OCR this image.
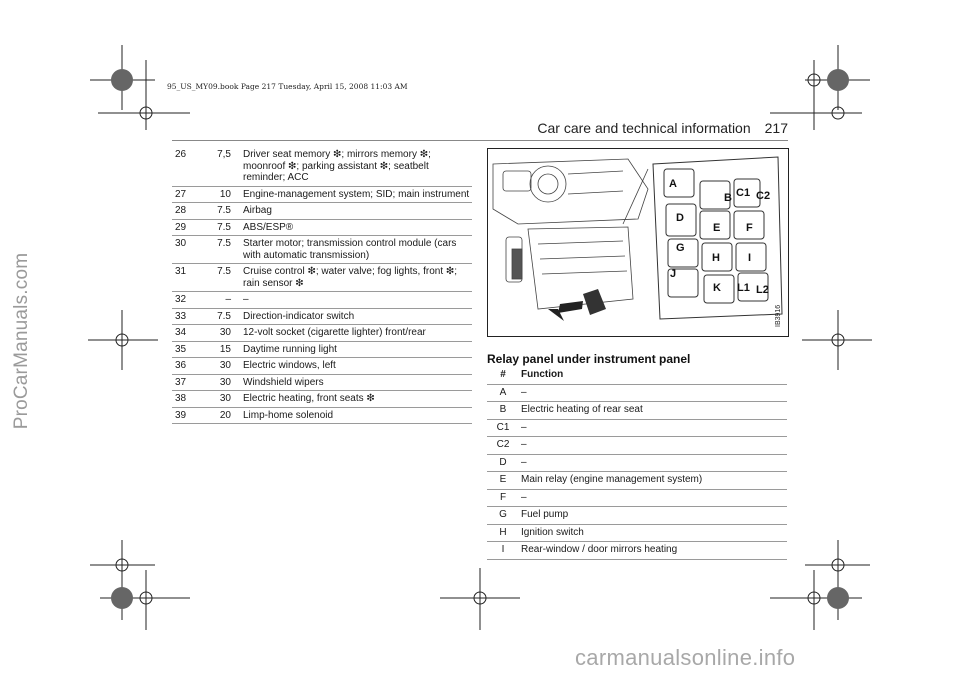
ProCarManuals.com
95_US_MY09.book Page 217 Tuesday, April 15, 2008 11:03 AM
Car care and technical information 217
26	7,5	Driver seat memory ❇; mirrors memory ❇; moonroof ❇; parking assistant ❇; seatbelt reminder; ACC
27	10	Engine-management system; SID; main instrument
28	7.5	Airbag
29	7.5	ABS/ESP®
30	7.5	Starter motor; transmission control module (cars with automatic transmission)
31	7.5	Cruise control ❇; water valve; fog lights, front ❇; rain sensor ❇
32	–	–
33	7.5	Direction-indicator switch
34	30	12-volt socket (cigarette lighter) front/rear
35	15	Daytime running light
36	30	Electric windows, left
37	30	Windshield wipers
38	30	Electric heating, front seats ❇
39	20	Limp-home solenoid
A
B C1 C2
D
E F
G
H	I
J
K L1 L2
IB3916
Relay panel under instrument panel
#	Function
A	–
B	Electric heating of rear seat
C1	–
C2	–
D	–
E	Main relay (engine management system)
F	–
G	Fuel pump
H	Ignition switch
I	Rear-window / door mirrors heating
carmanualsonline.info
